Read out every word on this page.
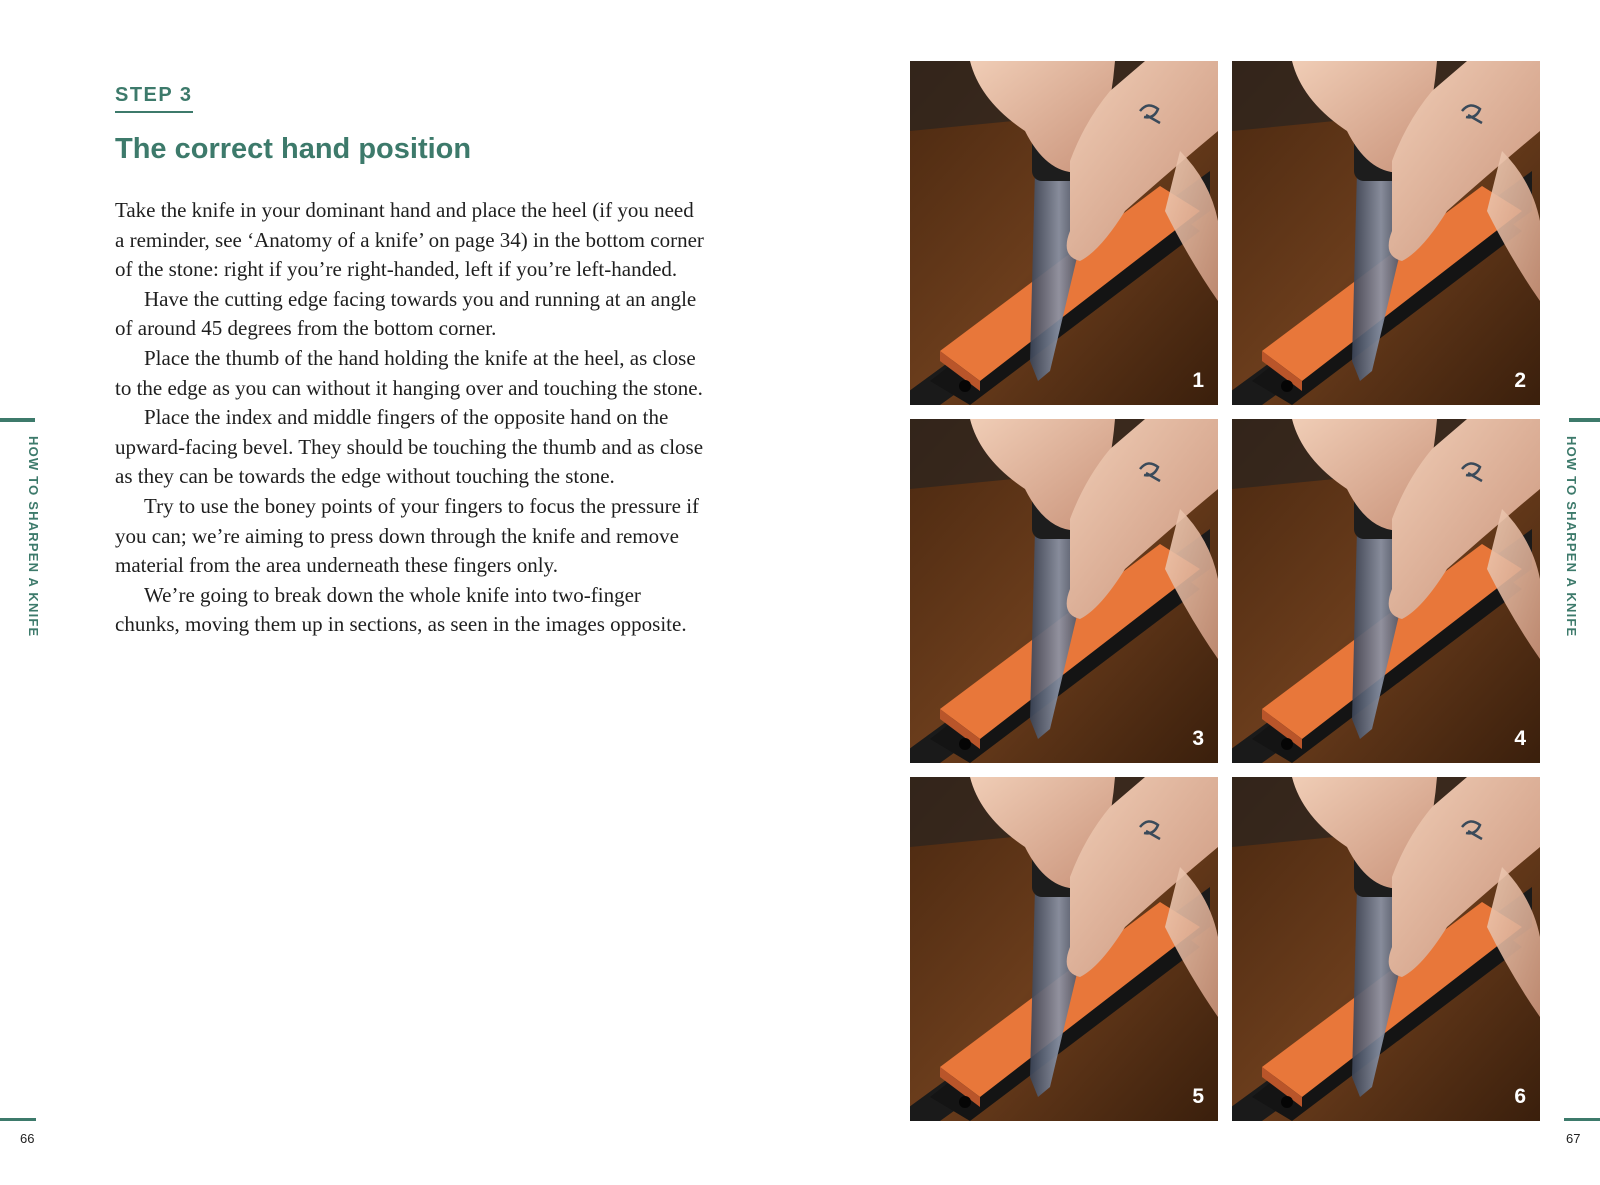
STEP 3
The correct hand position

Take the knife in your dominant hand and place the heel (if you need a reminder, see ‘Anatomy of a knife’ on page 34) in the bottom corner of the stone: right if you’re right-handed, left if you’re left-handed.

Have the cutting edge facing towards you and running at an angle of around 45 degrees from the bottom corner.

Place the thumb of the hand holding the knife at the heel, as close to the edge as you can without it hanging over and touching the stone.

Place the index and middle fingers of the opposite hand on the upward-facing bevel. They should be touching the thumb and as close as they can be towards the edge without touching the stone.

Try to use the boney points of your fingers to focus the pressure if you can; we’re aiming to press down through the knife and remove material from the area underneath these fingers only.

We’re going to break down the whole knife into two-finger chunks, moving them up in sections, as seen in the images opposite.

HOW TO SHARPEN A KNIFE
66
HOW TO SHARPEN A KNIFE
67
1	2
3	4
5	6
